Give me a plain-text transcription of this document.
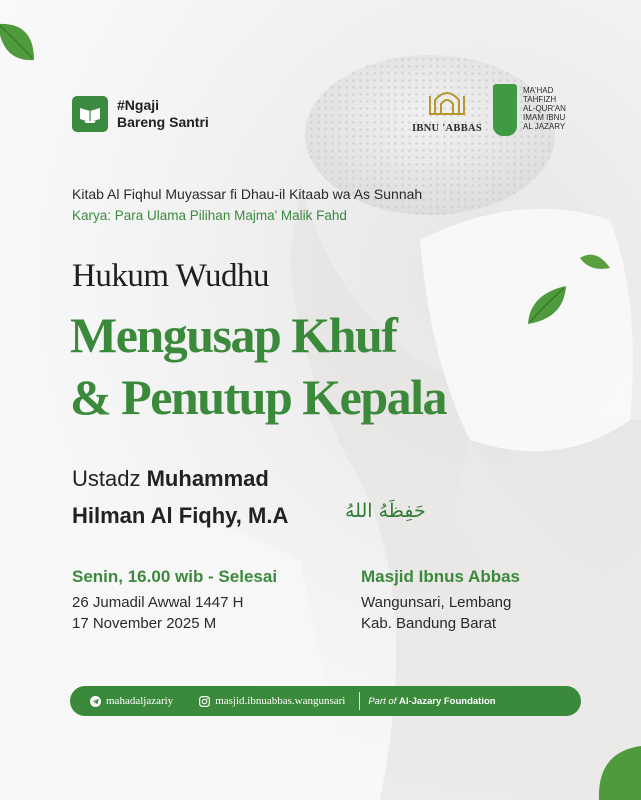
#Ngaji
Bareng Santri	IBNU 'ABBAS
MA'HAD
TAHFIZH
AL-QUR'AN
IMAM IBNU
AL JAZARY
Kitab Al Fiqhul Muyassar fi Dhau-il Kitaab wa As Sunnah
Karya: Para Ulama Pilihan Majma' Malik Fahd
Hukum Wudhu
Mengusap Khuf
& Penutup Kepala
Ustadz Muhammad
Hilman Al Fiqhy, M.A	حَفِظَهُ اللهُ
Senin, 16.00 wib - Selesai
26 Jumadil Awwal 1447 H
17 November 2025 M
Masjid Ibnus Abbas
Wangunsari, Lembang
Kab. Bandung Barat
mahadaljazariy	masjid.ibnuabbas.wangunsari Part of Al-Jazary Foundation
